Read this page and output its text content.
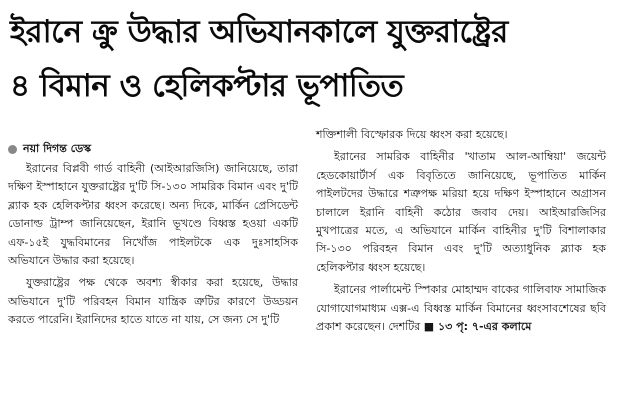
ইরানে ক্রু উদ্ধার অভিযানকালে যুক্তরাষ্ট্রের
৪ বিমান ও হেলিকপ্টার ভূপাতিত
নয়া দিগন্ত ডেস্ক

ইরানের বিপ্লবী গার্ড বাহিনী (আইআরজিসি) জানিয়েছে, তারা দক্ষিণ ইস্পাহানে যুক্তরাষ্ট্রের দু'টি সি-১৩০ সামরিক বিমান এবং দু'টি ব্ল্যাক হক হেলিকপ্টার ধ্বংস করেছে। অন্য দিকে, মার্কিন প্রেসিডেন্ট ডোনাল্ড ট্রাম্প জানিয়েছেন, ইরানি ভূখণ্ডে বিধ্বস্ত হওয়া একটি এফ-১৫ই যুদ্ধবিমানের নিখোঁজ পাইলটকে এক দুঃসাহসিক অভিযানে উদ্ধার করা হয়েছে।

যুক্তরাষ্ট্রের পক্ষ থেকে অবশ্য স্বীকার করা হয়েছে, উদ্ধার অভিযানে দু'টি পরিবহন বিমান যান্ত্রিক ত্রুটির কারণে উড্ডয়ন করতে পারেনি। ইরানিদের হাতে যাতে না যায়, সে জন্য সে দু'টি

শক্তিশালী বিস্ফোরক দিয়ে ধ্বংস করা হয়েছে।

ইরানের সামরিক বাহিনীর 'খাতাম আল-আম্বিয়া' জয়েন্ট হেডকোয়ার্টার্স এক বিবৃতিতে জানিয়েছে, ভূপাতিত মার্কিন পাইলটদের উদ্ধারে শত্রুপক্ষ মরিয়া হয়ে দক্ষিণ ইস্পাহানে অগ্রাসন চালালে ইরানি বাহিনী কঠোর জবাব দেয়। আইআরজিসির মুখপাত্রের মতে, এ অভিযানে মার্কিন বাহিনীর দু'টি বিশালাকার সি-১৩০ পরিবহন বিমান এবং দু'টি অত্যাধুনিক ব্ল্যাক হক হেলিকপ্টার ধ্বংস হয়েছে।

ইরানের পার্লামেন্ট স্পিকার মোহাম্মদ বাকের গালিবাফ সামাজিক যোগাযোগমাধ্যম এক্স-এ বিধ্বস্ত মার্কিন বিমানের ধ্বংসাবশেষের ছবি প্রকাশ করেছেন। দেশটির ■ ১৩ পৃ: ৭-এর কলামে
